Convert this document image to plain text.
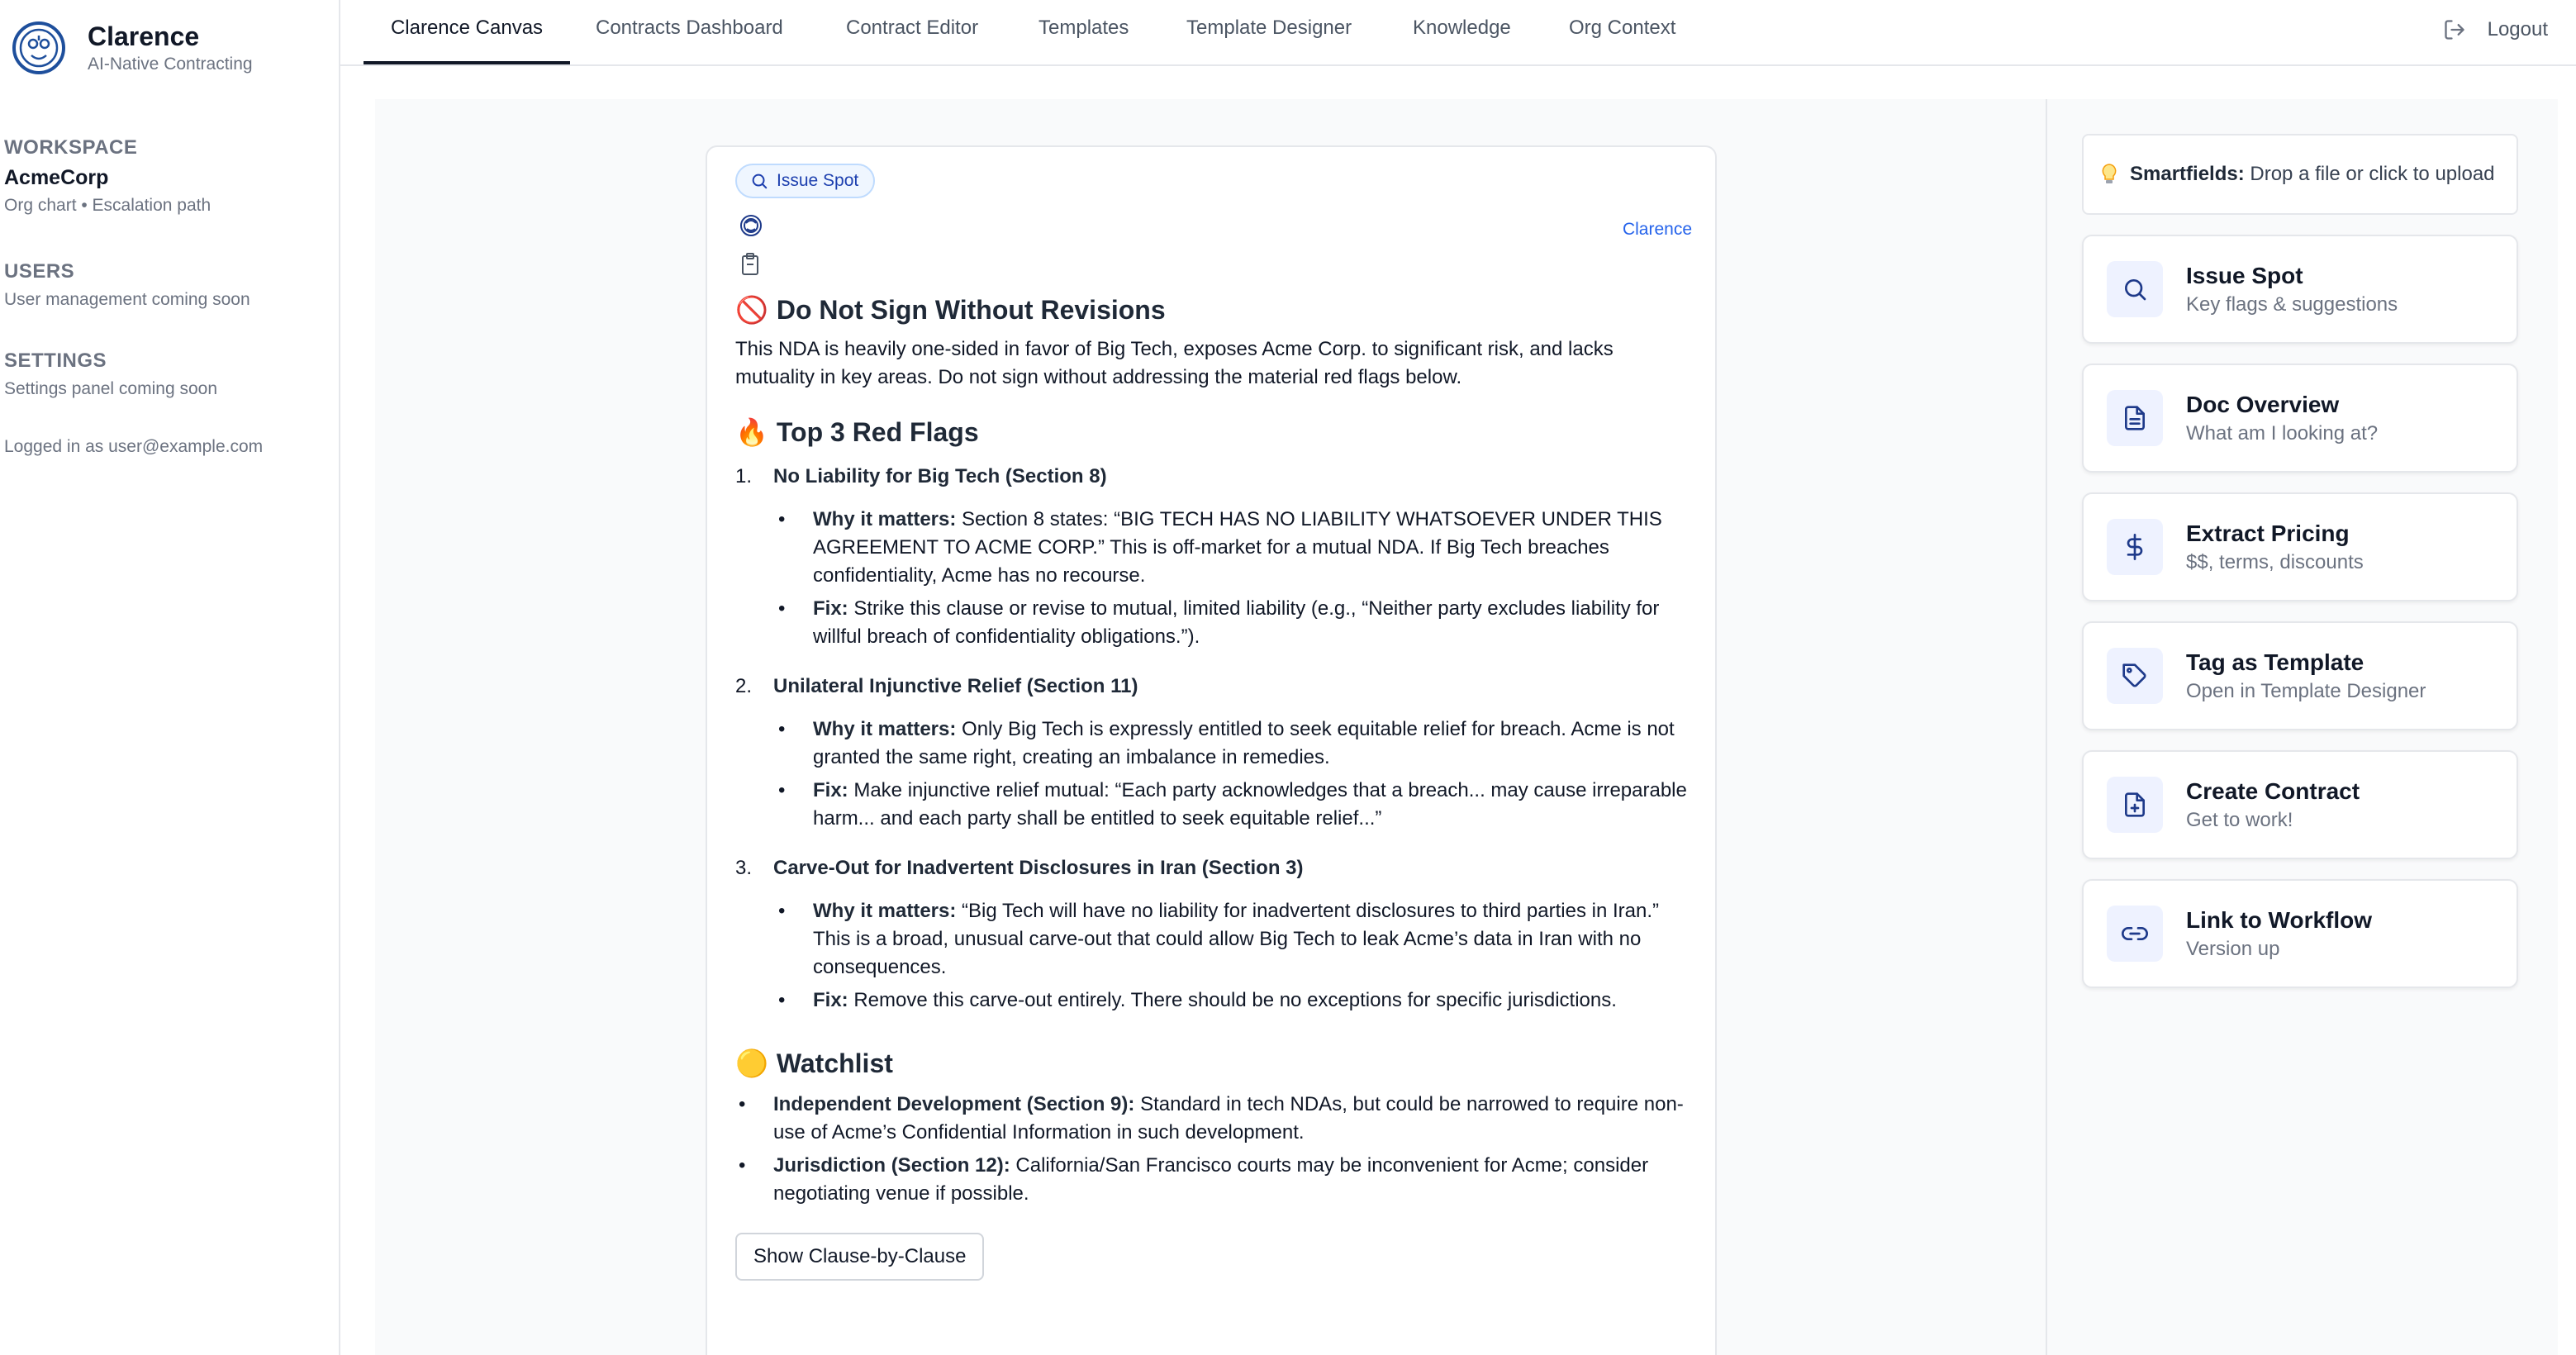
Clarence
AI-Native Contracting
WORKSPACE
AcmeCorp
Org chart • Escalation path
USERS
User management coming soon
SETTINGS
Settings panel coming soon
Logged in as user@example.com
Clarence Canvas	Contracts Dashboard	Contract Editor	Templates	Template Designer	Knowledge	Org Context	Logout
Issue Spot
Clarence
🚫 Do Not Sign Without Revisions

This NDA is heavily one-sided in favor of Big Tech, exposes Acme Corp. to significant risk, and lacks mutuality in key areas. Do not sign without addressing the material red flags below.

🔥 Top 3 Red Flags
1. No Liability for Big Tech (Section 8)
• Why it matters: Section 8 states: “BIG TECH HAS NO LIABILITY WHATSOEVER UNDER THIS AGREEMENT TO ACME CORP.” This is off-market for a mutual NDA. If Big Tech breaches confidentiality, Acme has no recourse.
• Fix: Strike this clause or revise to mutual, limited liability (e.g., “Neither party excludes liability for willful breach of confidentiality obligations.”).
2. Unilateral Injunctive Relief (Section 11)
• Why it matters: Only Big Tech is expressly entitled to seek equitable relief for breach. Acme is not granted the same right, creating an imbalance in remedies.
• Fix: Make injunctive relief mutual: “Each party acknowledges that a breach... may cause irreparable harm... and each party shall be entitled to seek equitable relief...”
3. Carve-Out for Inadvertent Disclosures in Iran (Section 3)
• Why it matters: “Big Tech will have no liability for inadvertent disclosures to third parties in Iran.” This is a broad, unusual carve-out that could allow Big Tech to leak Acme’s data in Iran with no consequences.
• Fix: Remove this carve-out entirely. There should be no exceptions for specific jurisdictions.
🟡 Watchlist
• Independent Development (Section 9): Standard in tech NDAs, but could be narrowed to require non-use of Acme’s Confidential Information in such development.
• Jurisdiction (Section 12): California/San Francisco courts may be inconvenient for Acme; consider negotiating venue if possible.
Show Clause-by-Clause
Smartfields: Drop a file or click to upload
Issue Spot
Key flags & suggestions
Doc Overview
What am I looking at?
Extract Pricing
$$, terms, discounts
Tag as Template
Open in Template Designer
Create Contract
Get to work!
Link to Workflow
Version up
